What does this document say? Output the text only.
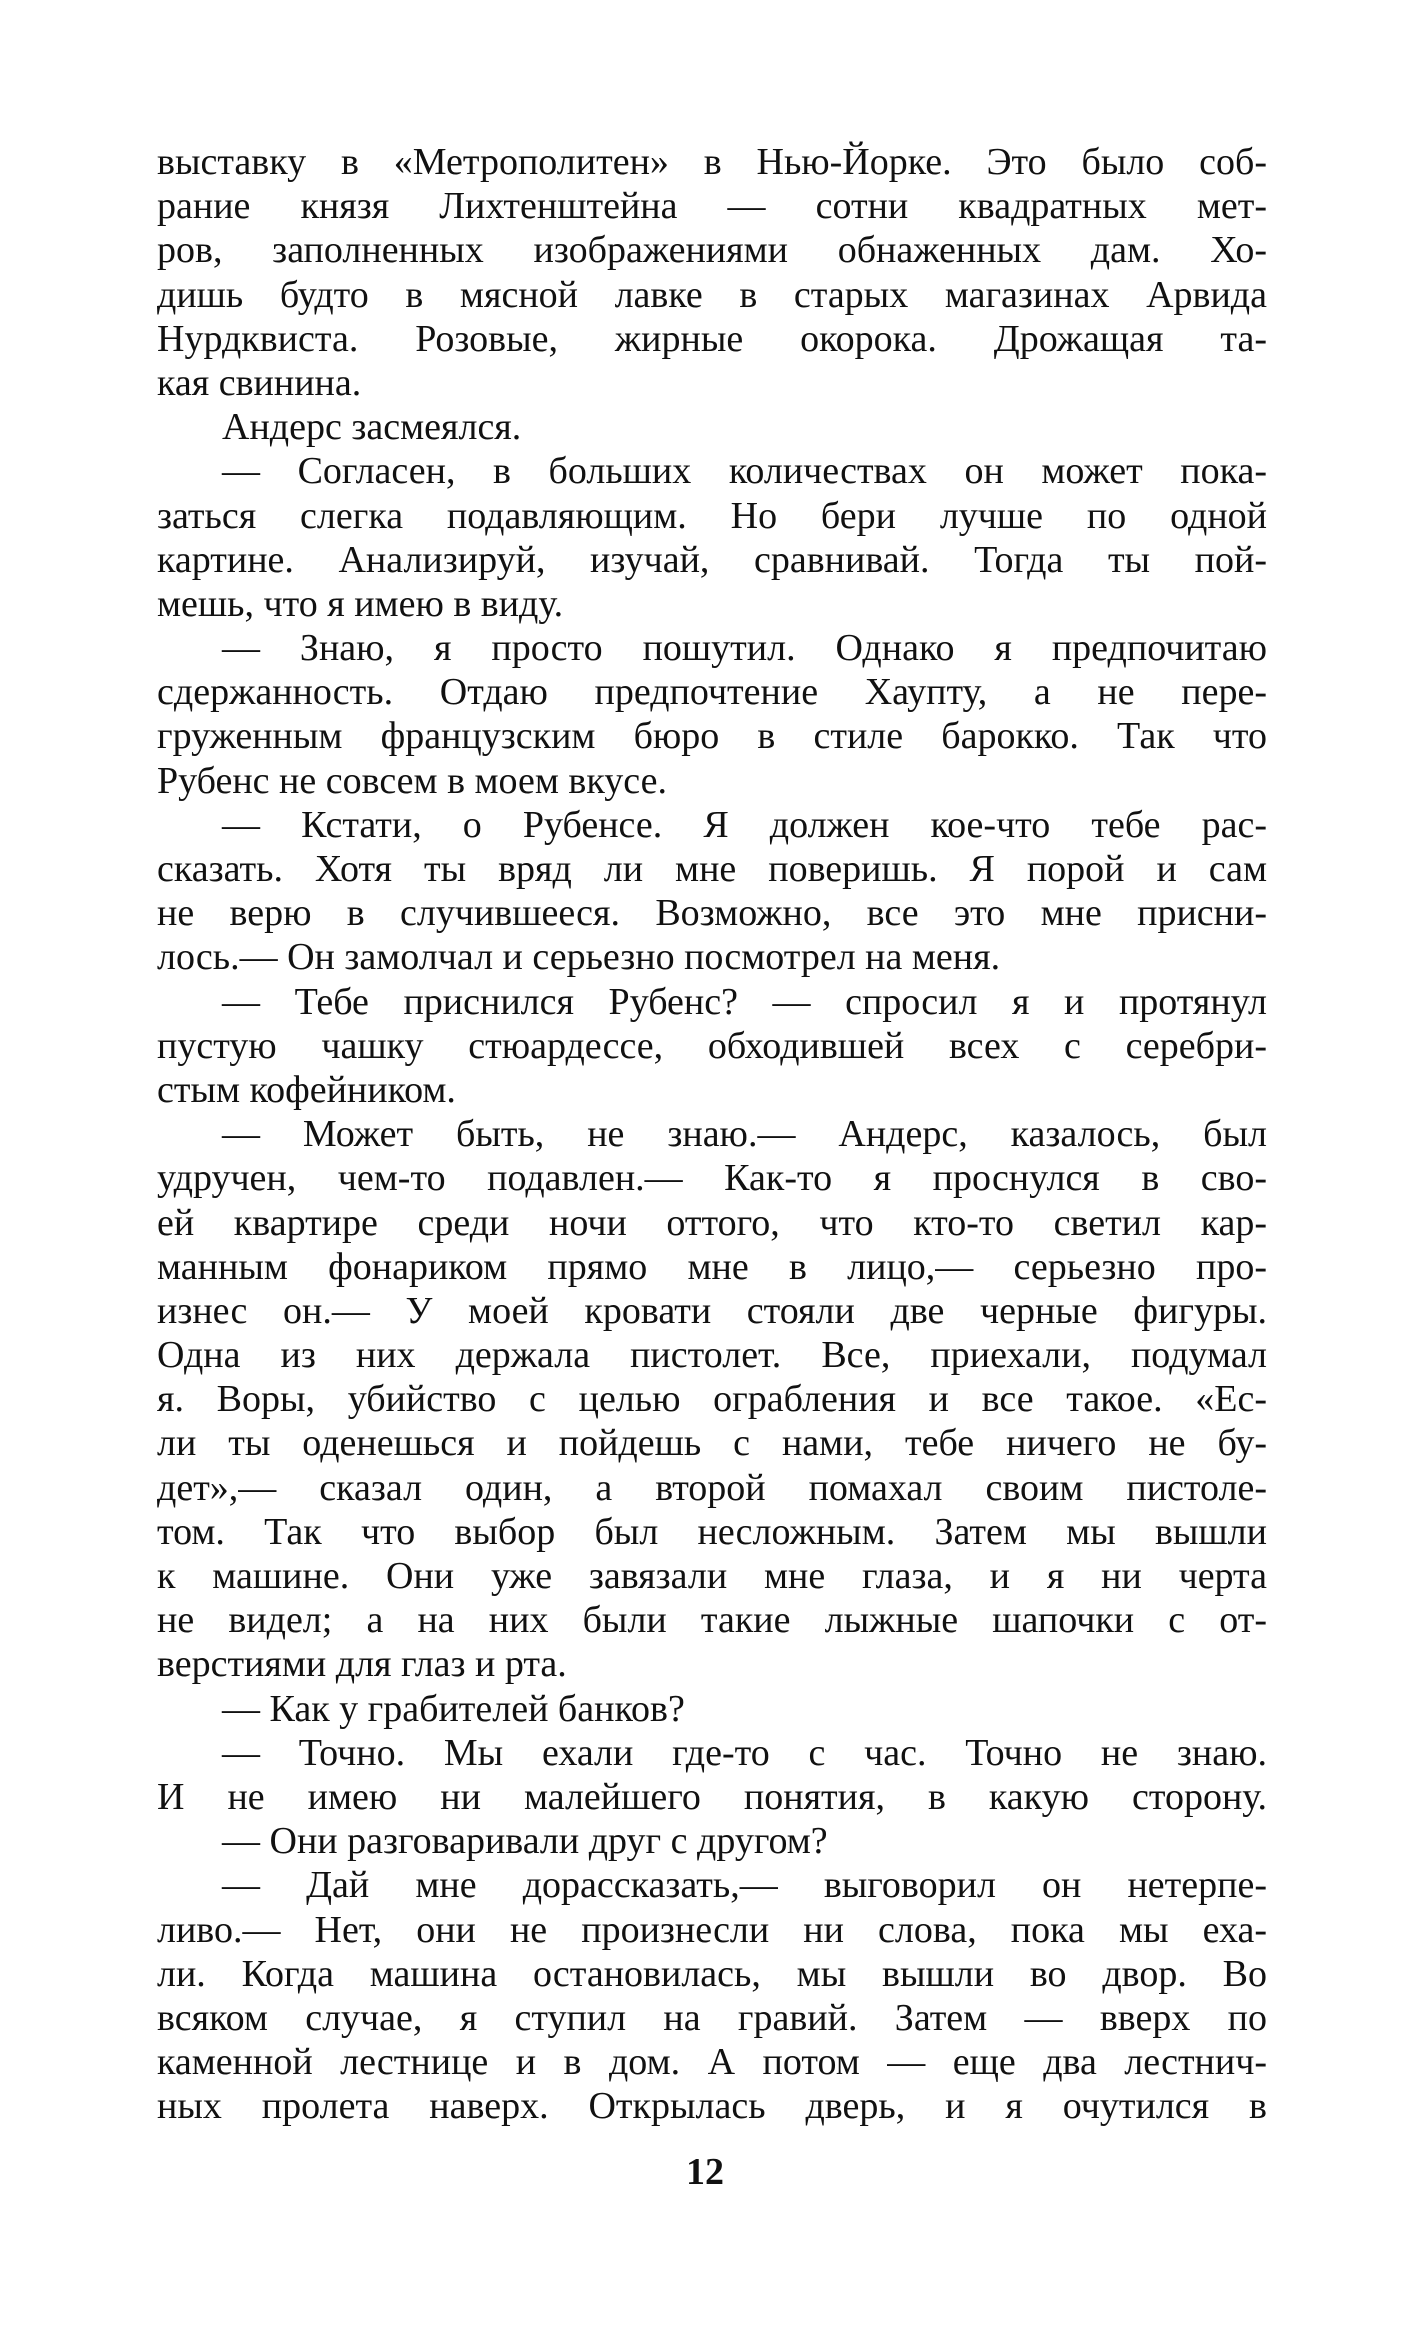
выставку в «Метрополитен» в Нью-Йорке. Это было соб-
рание князя Лихтенштейна — сотни квадратных мет-
ров, заполненных изображениями обнаженных дам. Хо-
дишь будто в мясной лавке в старых магазинах Арвида
Нурдквиста. Розовые, жирные окорока. Дрожащая та-
кая свинина.
Андерс засмеялся.
— Согласен, в больших количествах он может пока-
заться слегка подавляющим. Но бери лучше по одной
картине. Анализируй, изучай, сравнивай. Тогда ты пой-
мешь, что я имею в виду.
— Знаю, я просто пошутил. Однако я предпочитаю
сдержанность. Отдаю предпочтение Хаупту, а не пере-
груженным французским бюро в стиле барокко. Так что
Рубенс не совсем в моем вкусе.
— Кстати, о Рубенсе. Я должен кое-что тебе рас-
сказать. Хотя ты вряд ли мне поверишь. Я порой и сам
не верю в случившееся. Возможно, все это мне присни-
лось.— Он замолчал и серьезно посмотрел на меня.
— Тебе приснился Рубенс? — спросил я и протянул
пустую чашку стюардессе, обходившей всех с серебри-
стым кофейником.
— Может быть, не знаю.— Андерс, казалось, был
удручен, чем-то подавлен.— Как-то я проснулся в сво-
ей квартире среди ночи оттого, что кто-то светил кар-
манным фонариком прямо мне в лицо,— серьезно про-
изнес он.— У моей кровати стояли две черные фигуры.
Одна из них держала пистолет. Все, приехали, подумал
я. Воры, убийство с целью ограбления и все такое. «Ес-
ли ты оденешься и пойдешь с нами, тебе ничего не бу-
дет»,— сказал один, а второй помахал своим пистоле-
том. Так что выбор был несложным. Затем мы вышли
к машине. Они уже завязали мне глаза, и я ни черта
не видел; а на них были такие лыжные шапочки с от-
верстиями для глаз и рта.
— Как у грабителей банков?
— Точно. Мы ехали где-то с час. Точно не знаю.
И не имею ни малейшего понятия, в какую сторону.
— Они разговаривали друг с другом?
— Дай мне дорассказать,— выговорил он нетерпе-
ливо.— Нет, они не произнесли ни слова, пока мы еха-
ли. Когда машина остановилась, мы вышли во двор. Во
всяком случае, я ступил на гравий. Затем — вверх по
каменной лестнице и в дом. А потом — еще два лестнич-
ных пролета наверх. Открылась дверь, и я очутился в
12
